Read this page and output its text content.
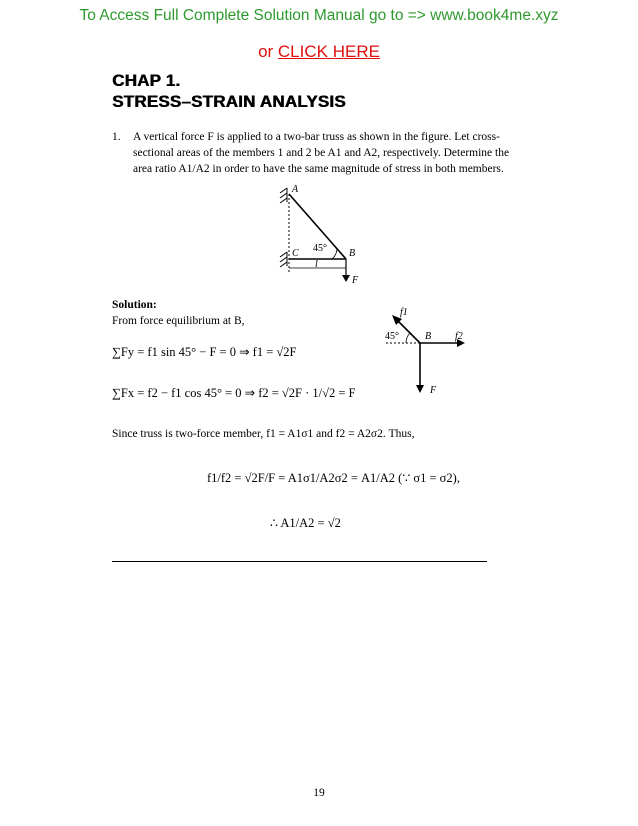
To Access Full Complete Solution Manual go to => www.book4me.xyz
or CLICK HERE
CHAP 1.
STRESS–STRAIN ANALYSIS
1. A vertical force F is applied to a two-bar truss as shown in the figure. Let cross-
sectional areas of the members 1 and 2 be A1 and A2, respectively. Determine the
area ratio A1/A2 in order to have the same magnitude of stress in both members.
A
C 45° B
l
F
Solution:
From force equilibrium at B,
f1
f2
45°	B
F
∑Fy = f1 sin 45° − F = 0 ⇒ f1 = √2F
∑Fx = f2 − f1 cos 45° = 0 ⇒ f2 = √2F · 1/√2 = F
Since truss is two-force member, f1 = A1σ1 and f2 = A2σ2. Thus,
f1/f2 = √2F/F = A1σ1/A2σ2 = A1/A2 (∵ σ1 = σ2),
∴ A1/A2 = √2
19
